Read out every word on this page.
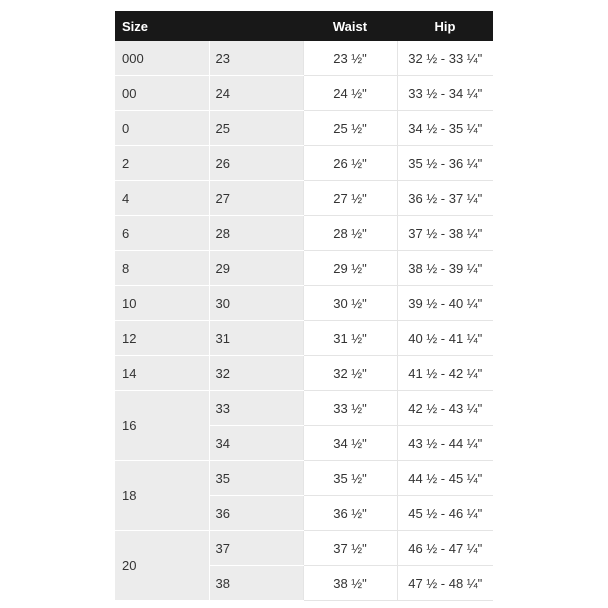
Size		Waist	Hip
000	23	23 ½"	32 ½ - 33 ¼"
00	24	24 ½"	33 ½ - 34 ¼"
0	25	25 ½"	34 ½ - 35 ¼"
2	26	26 ½"	35 ½ - 36 ¼"
4	27	27 ½"	36 ½ - 37 ¼"
6	28	28 ½"	37 ½ - 38 ¼"
8	29	29 ½"	38 ½ - 39 ¼"
10	30	30 ½"	39 ½ - 40 ¼"
12	31	31 ½"	40 ½ - 41 ¼"
14	32	32 ½"	41 ½ - 42 ¼"
16	33	33 ½"	42 ½ - 43 ¼"
	34	34 ½"	43 ½ - 44 ¼"
18	35	35 ½"	44 ½ - 45 ¼"
	36	36 ½"	45 ½ - 46 ¼"
20	37	37 ½"	46 ½ - 47 ¼"
	38	38 ½"	47 ½ - 48 ¼"
